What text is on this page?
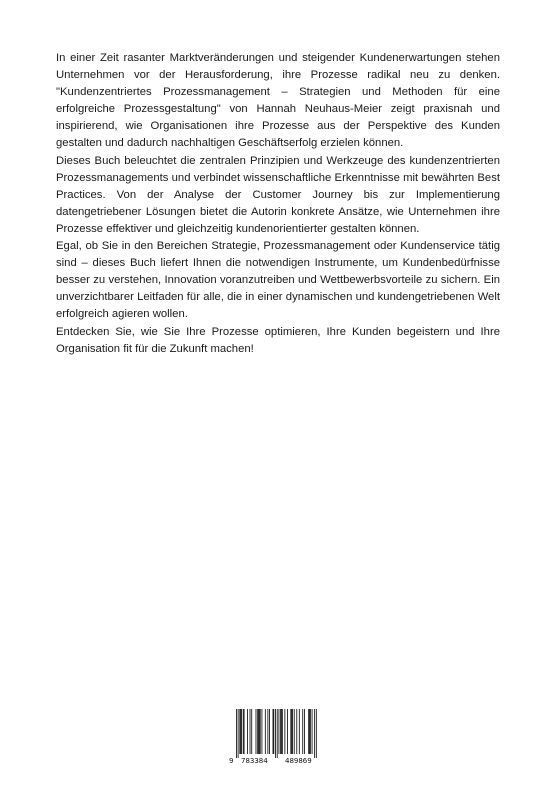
In einer Zeit rasanter Marktveränderungen und steigender Kundenerwartungen stehen Unternehmen vor der Herausforderung, ihre Prozesse radikal neu zu denken. "Kundenzentriertes Prozessmanagement – Strategien und Methoden für eine erfolgreiche Prozessgestaltung" von Hannah Neuhaus-Meier zeigt praxisnah und inspirierend, wie Organisationen ihre Prozesse aus der Perspektive des Kunden gestalten und dadurch nachhaltigen Geschäftserfolg erzielen können.

Dieses Buch beleuchtet die zentralen Prinzipien und Werkzeuge des kundenzentrierten Prozessmanagements und verbindet wissenschaftliche Erkenntnisse mit bewährten Best Practices. Von der Analyse der Customer Journey bis zur Implementierung datengetriebener Lösungen bietet die Autorin konkrete Ansätze, wie Unternehmen ihre Prozesse effektiver und gleichzeitig kundenorientierter gestalten können.

Egal, ob Sie in den Bereichen Strategie, Prozessmanagement oder Kundenservice tätig sind – dieses Buch liefert Ihnen die notwendigen Instrumente, um Kundenbedürfnisse besser zu verstehen, Innovation voranzutreiben und Wettbewerbsvorteile zu sichern. Ein unverzichtbarer Leitfaden für alle, die in einer dynamischen und kundengetriebenen Welt erfolgreich agieren wollen.

Entdecken Sie, wie Sie Ihre Prozesse optimieren, Ihre Kunden begeistern und Ihre Organisation fit für die Zukunft machen!

9 783384 489869
